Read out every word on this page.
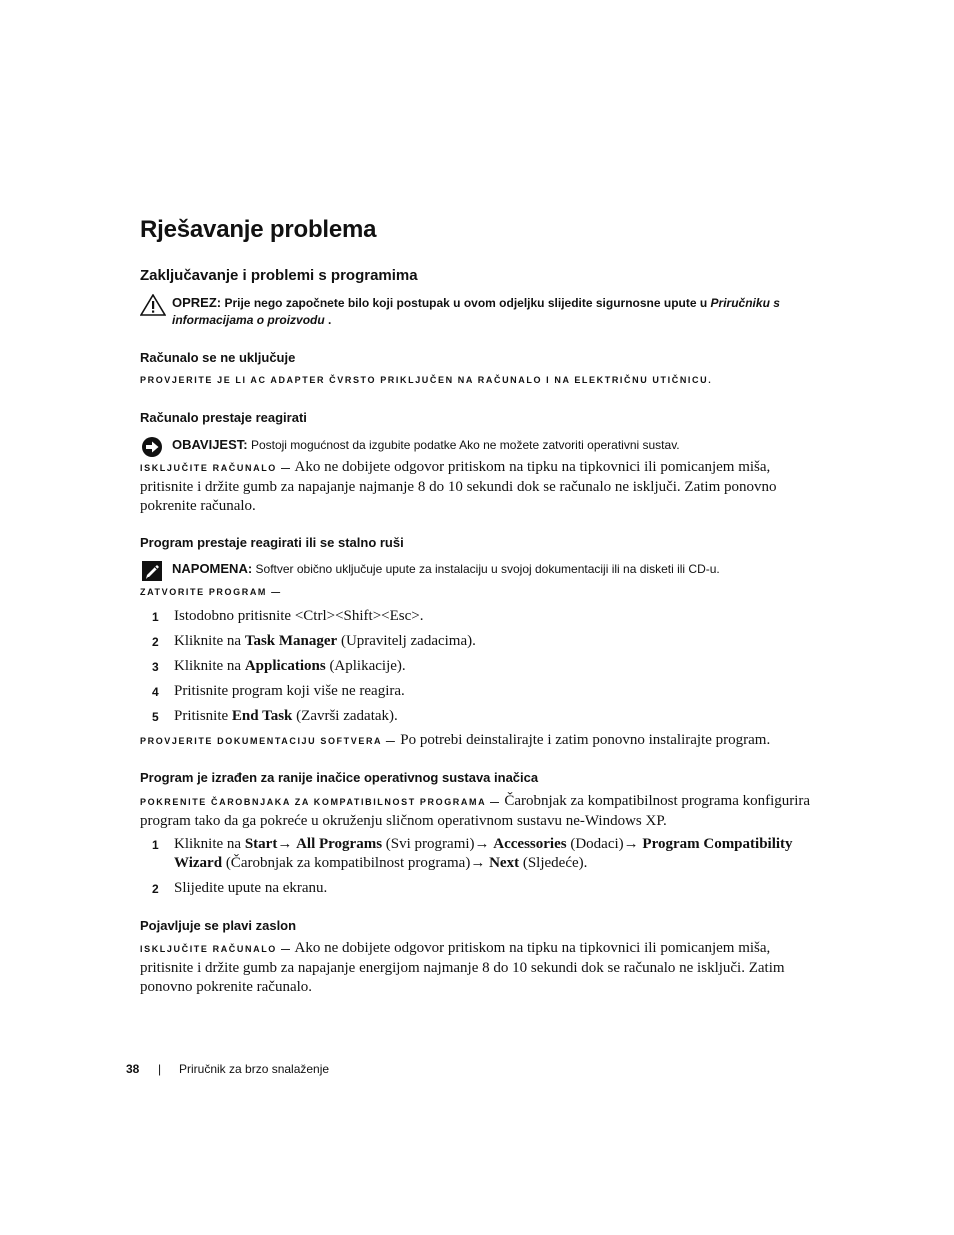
Rješavanje problema
Zaključavanje i problemi s programima
OPREZ: Prije nego započnete bilo koji postupak u ovom odjeljku slijedite sigurnosne upute u Priručniku s informacijama o proizvodu .
Računalo se ne uključuje
PROVJERITE JE LI AC ADAPTER ČVRSTO PRIKLJUČEN NA RAČUNALO I NA ELEKTRIČNU UTIČNICU.
Računalo prestaje reagirati
OBAVIJEST: Postoji mogućnost da izgubite podatke Ako ne možete zatvoriti operativni sustav.
ISKLJUČITE RAČUNALO — Ako ne dobijete odgovor pritiskom na tipku na tipkovnici ili pomicanjem miša, pritisnite i držite gumb za napajanje najmanje 8 do 10 sekundi dok se računalo ne isključi. Zatim ponovno pokrenite računalo.
Program prestaje reagirati ili se stalno ruši
NAPOMENA: Softver obično uključuje upute za instalaciju u svojoj dokumentaciji ili na disketi ili CD-u.
ZATVORITE PROGRAM —
1 Istodobno pritisnite <Ctrl><Shift><Esc>.
2 Kliknite na Task Manager (Upravitelj zadacima).
3 Kliknite na Applications (Aplikacije).
4 Pritisnite program koji više ne reagira.
5 Pritisnite End Task (Završi zadatak).
PROVJERITE DOKUMENTACIJU SOFTVERA — Po potrebi deinstalirajte i zatim ponovno instalirajte program.
Program je izrađen za ranije inačice operativnog sustava inačica
POKRENITE ČAROBNJAKA ZA KOMPATIBILNOST PROGRAMA — Čarobnjak za kompatibilnost programa konfigurira program tako da ga pokreće u okruženju sličnom operativnom sustavu ne-Windows XP.
1 Kliknite na Start→ All Programs (Svi programi)→ Accessories (Dodaci)→ Program Compatibility Wizard (Čarobnjak za kompatibilnost programa)→ Next (Sljedeće).
2 Slijedite upute na ekranu.
Pojavljuje se plavi zaslon
ISKLJUČITE RAČUNALO — Ako ne dobijete odgovor pritiskom na tipku na tipkovnici ili pomicanjem miša, pritisnite i držite gumb za napajanje energijom najmanje 8 do 10 sekundi dok se računalo ne isključi. Zatim ponovno pokrenite računalo.
38 | Priručnik za brzo snalaženje
